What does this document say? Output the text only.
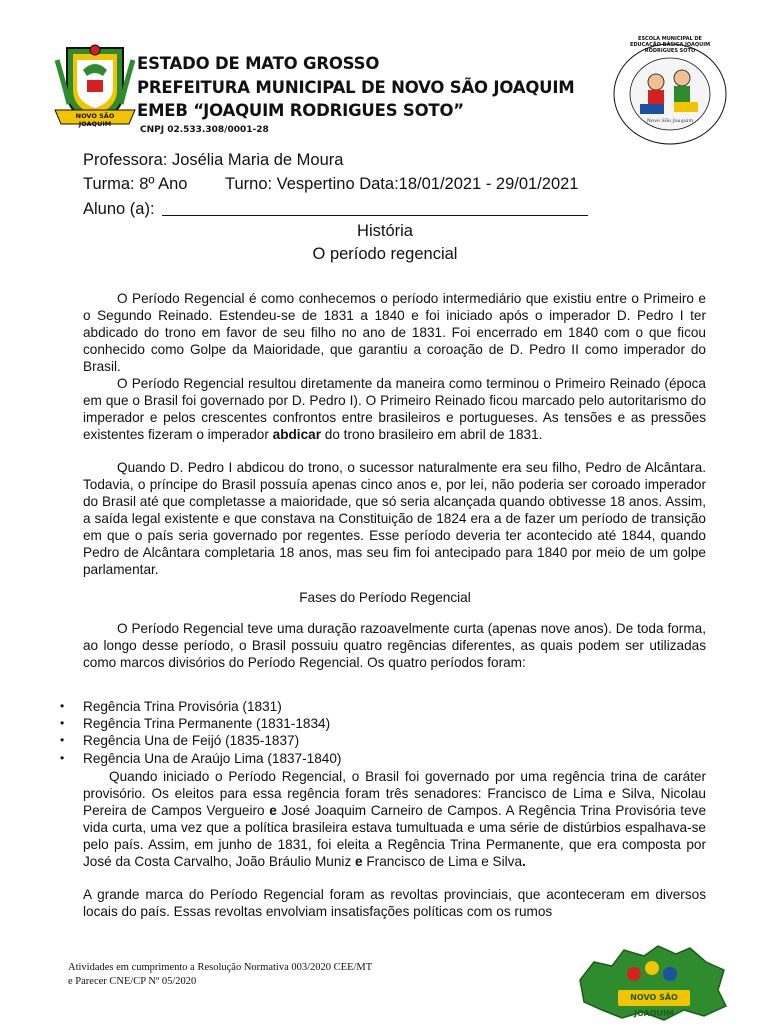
NOVO SÃO JOAQUIM
ESTADO DE MATO GROSSO
PREFEITURA MUNICIPAL DE NOVO SÃO JOAQUIM
EMEB “JOAQUIM RODRIGUES SOTO”
CNPJ 02.533.308/0001-28
Novo São Joaquim
ESCOLA MUNICIPAL DE EDUCAÇÃO BÁSICA JOAQUIM RODRIGUES SOTO
Professora: Josélia Maria de Moura
Turma: 8º Ano Turno: Vespertino Data:18/01/2021 - 29/01/2021
Aluno (a):
História
O período regencial
O Período Regencial é como conhecemos o período intermediário que existiu entre o Primeiro e o Segundo Reinado. Estendeu-se de 1831 a 1840 e foi iniciado após o imperador D. Pedro I ter abdicado do trono em favor de seu filho no ano de 1831. Foi encerrado em 1840 com o que ficou conhecido como Golpe da Maioridade, que garantiu a coroação de D. Pedro II como imperador do Brasil.
O Período Regencial resultou diretamente da maneira como terminou o Primeiro Reinado (época em que o Brasil foi governado por D. Pedro I). O Primeiro Reinado ficou marcado pelo autoritarismo do imperador e pelos crescentes confrontos entre brasileiros e portugueses. As tensões e as pressões existentes fizeram o imperador abdicar do trono brasileiro em abril de 1831.
Quando D. Pedro I abdicou do trono, o sucessor naturalmente era seu filho, Pedro de Alcântara. Todavia, o príncipe do Brasil possuía apenas cinco anos e, por lei, não poderia ser coroado imperador do Brasil até que completasse a maioridade, que só seria alcançada quando obtivesse 18 anos. Assim, a saída legal existente e que constava na Constituição de 1824 era a de fazer um período de transição em que o país seria governado por regentes. Esse período deveria ter acontecido até 1844, quando Pedro de Alcântara completaria 18 anos, mas seu fim foi antecipado para 1840 por meio de um golpe parlamentar.
Fases do Período Regencial
O Período Regencial teve uma duração razoavelmente curta (apenas nove anos). De toda forma, ao longo desse período, o Brasil possuiu quatro regências diferentes, as quais podem ser utilizadas como marcos divisórios do Período Regencial. Os quatro períodos foram:
• Regência Trina Provisória (1831)
• Regência Trina Permanente (1831-1834)
• Regência Una de Feijó (1835-1837)
• Regência Una de Araújo Lima (1837-1840)
Quando iniciado o Período Regencial, o Brasil foi governado por uma regência trina de caráter provisório. Os eleitos para essa regência foram três senadores: Francisco de Lima e Silva, Nicolau Pereira de Campos Vergueiro e José Joaquim Carneiro de Campos. A Regência Trina Provisória teve vida curta, uma vez que a política brasileira estava tumultuada e uma série de distúrbios espalhava-se pelo país. Assim, em junho de 1831, foi eleita a Regência Trina Permanente, que era composta por José da Costa Carvalho, João Bráulio Muniz e Francisco de Lima e Silva.
A grande marca do Período Regencial foram as revoltas provinciais, que aconteceram em diversos locais do país. Essas revoltas envolviam insatisfações políticas com os rumos
Atividades em cumprimento a Resolução Normativa 003/2020 CEE/MT
e Parecer CNE/CP Nº 05/2020
NOVO SÃO JOAQUIM
